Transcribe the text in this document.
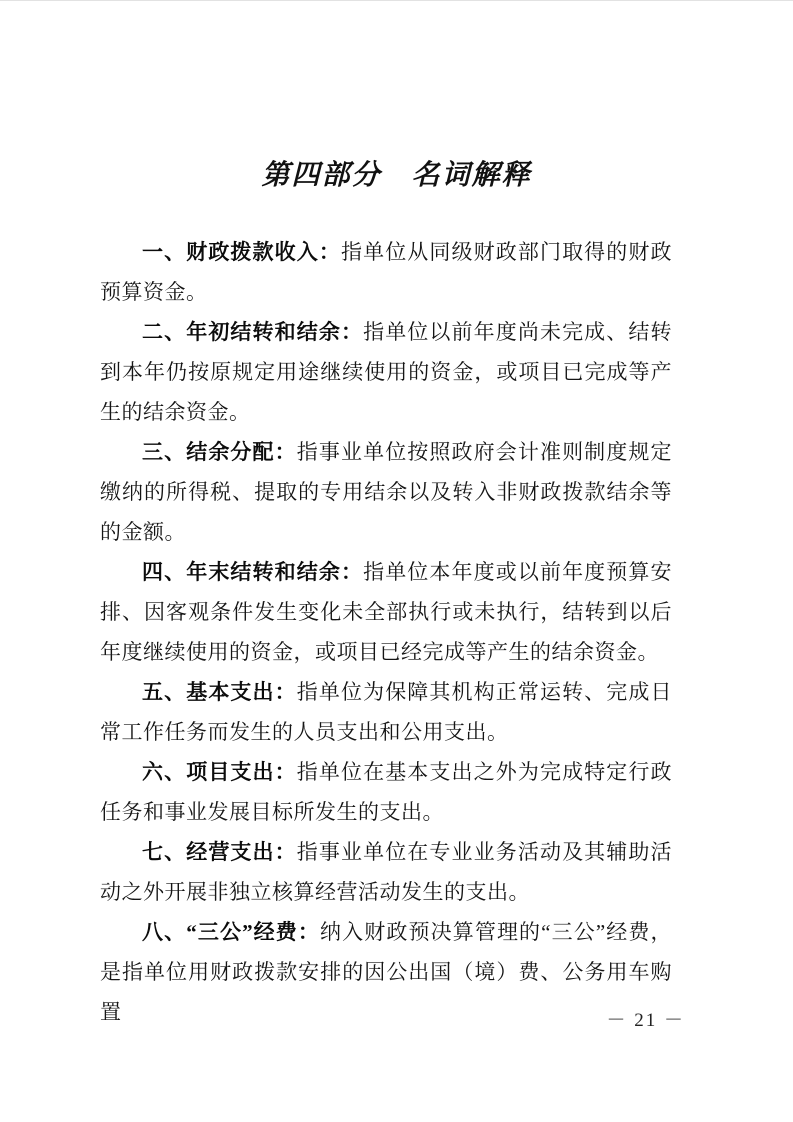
第四部分　名词解释

一、财政拨款收入：指单位从同级财政部门取得的财政预算资金。

二、年初结转和结余：指单位以前年度尚未完成、结转到本年仍按原规定用途继续使用的资金，或项目已完成等产生的结余资金。

三、结余分配：指事业单位按照政府会计准则制度规定缴纳的所得税、提取的专用结余以及转入非财政拨款结余等的金额。

四、年末结转和结余：指单位本年度或以前年度预算安排、因客观条件发生变化未全部执行或未执行，结转到以后年度继续使用的资金，或项目已经完成等产生的结余资金。

五、基本支出：指单位为保障其机构正常运转、完成日常工作任务而发生的人员支出和公用支出。

六、项目支出：指单位在基本支出之外为完成特定行政任务和事业发展目标所发生的支出。

七、经营支出：指事业单位在专业业务活动及其辅助活动之外开展非独立核算经营活动发生的支出。

八、“三公”经费：纳入财政预决算管理的“三公”经费，是指单位用财政拨款安排的因公出国（境）费、公务用车购置	－ 21 －
